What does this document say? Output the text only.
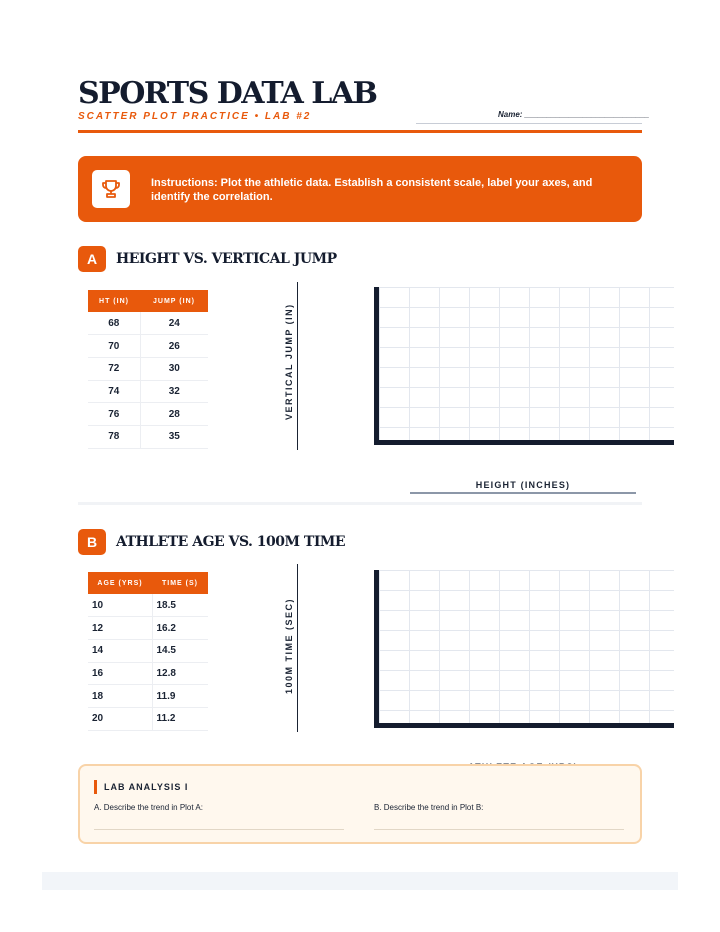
SPORTS DATA LAB
SCATTER PLOT PRACTICE • LAB #2	Name: ____________________________
Instructions: Plot the athletic data. Establish a consistent scale, label your axes, and identify the correlation.
A	HEIGHT VS. VERTICAL JUMP
HT (IN)	JUMP (IN)
68	24
70	26
72	30
74	32
76	28
78	35
VERTICAL JUMP (IN)
HEIGHT (INCHES)
B	ATHLETE AGE VS. 100M TIME
AGE (YRS)	TIME (S)
10	18.5
12	16.2
14	14.5
16	12.8
18	11.9
20	11.2
100M TIME (SEC)
LAB ANALYSIS I
A. Describe the trend in Plot A:	B. Describe the trend in Plot B:
